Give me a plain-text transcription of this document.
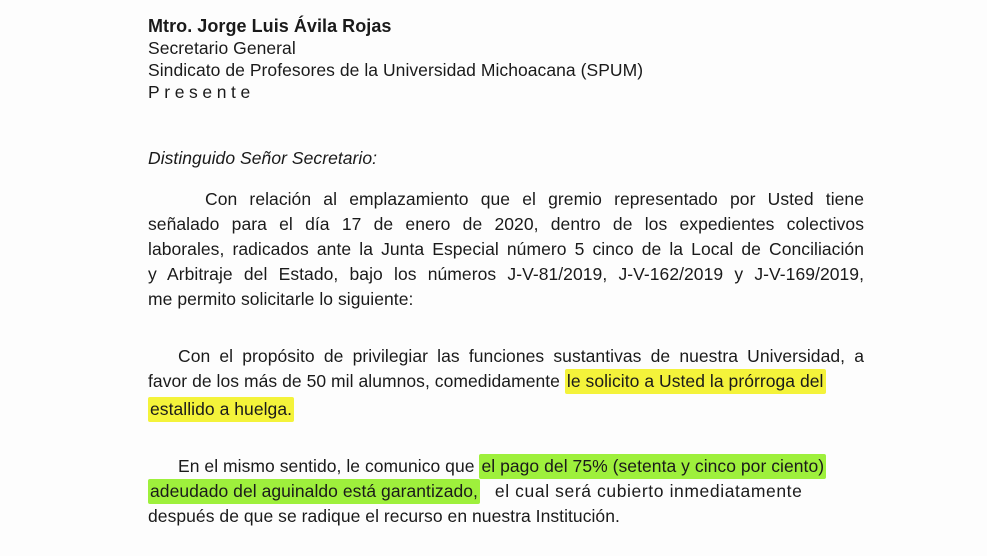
Mtro. Jorge Luis Ávila Rojas
Secretario General
Sindicato de Profesores de la Universidad Michoacana (SPUM)
Presente
Distinguido Señor Secretario:
Con relación al emplazamiento que el gremio representado por Usted tiene
señalado para el día 17 de enero de 2020, dentro de los expedientes colectivos
laborales, radicados ante la Junta Especial número 5 cinco de la Local de Conciliación
y Arbitraje del Estado, bajo los números J-V-81/2019, J-V-162/2019 y J-V-169/2019,
me permito solicitarle lo siguiente:
Con el propósito de privilegiar las funciones sustantivas de nuestra Universidad, a
favor de los más de 50 mil alumnos, comedidamente le solicito a Usted la prórroga del
estallido a huelga.
En el mismo sentido, le comunico que el pago del 75% (setenta y cinco por ciento)
adeudado del aguinaldo está garantizado, el cual será cubierto inmediatamente
después de que se radique el recurso en nuestra Institución.
